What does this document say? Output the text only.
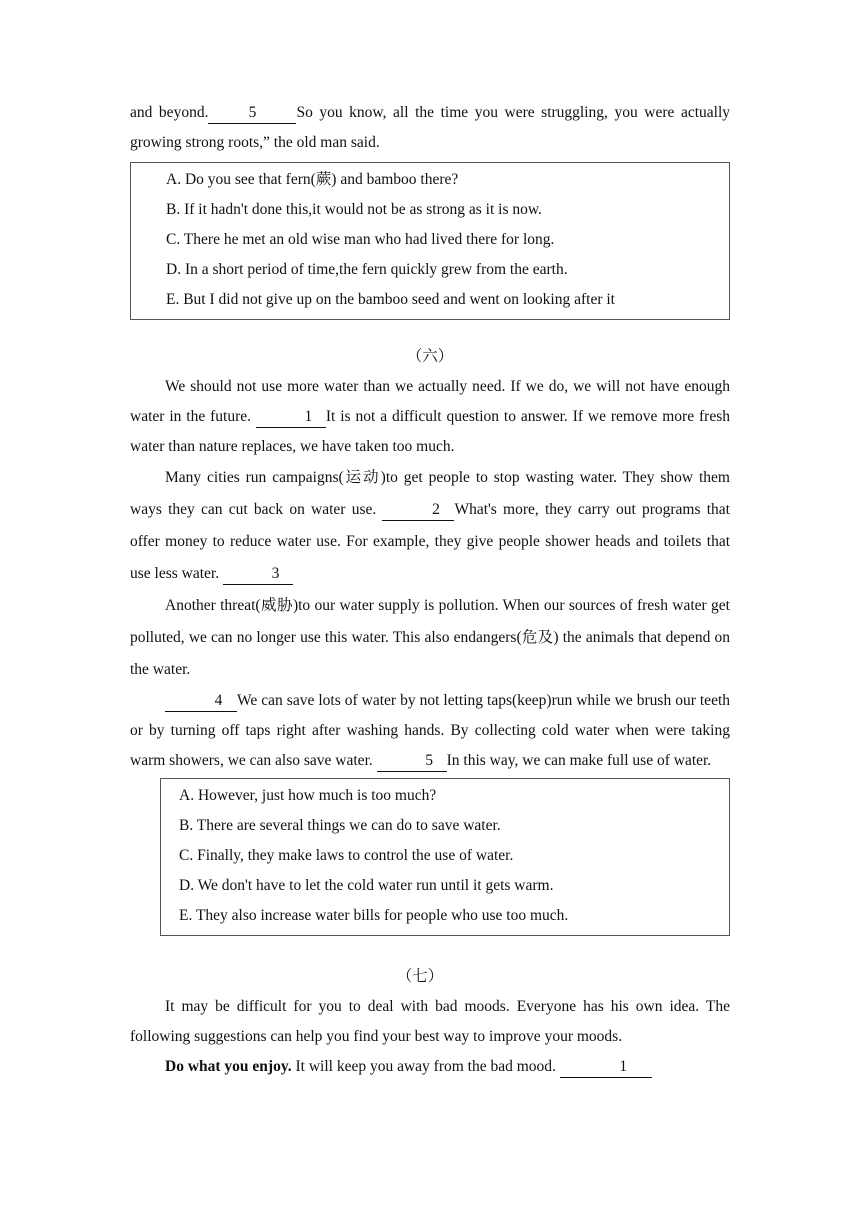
and beyond.	5	So you know, all the time you were struggling, you were actually growing strong roots,” the old man said.

A. Do you see that fern(蕨) and bamboo there?
B. If it hadn't done this,it would not be as strong as it is now.
C. There he met an old wise man who had lived there for long.
D. In a short period of time,the fern quickly grew from the earth.
E. But I did not give up on the bamboo seed and went on looking after it

（六）

We should not use more water than we actually need. If we do, we will not have enough water in the future.	1 It is not a difficult question to answer. If we remove more fresh water than nature replaces, we have taken too much.

Many cities run campaigns(运动)to get people to stop wasting water. They show them ways they can cut back on water use.	2 What's more, they carry out programs that offer money to reduce water use. For example, they give people shower heads and toilets that use less water.	3

Another threat(威胁)to our water supply is pollution. When our sources of fresh water get polluted, we can no longer use this water. This also endangers(危及) the animals that depend on the water.

4 We can save lots of water by not letting taps(keep)run while we brush our teeth or by turning off taps right after washing hands. By collecting cold water when were taking warm showers, we can also save water.	5 In this way, we can make full use of water.

A. However, just how much is too much?
B. There are several things we can do to save water.
C. Finally, they make laws to control the use of water.
D. We don't have to let the cold water run until it gets warm.
E. They also increase water bills for people who use too much.

（七）

It may be difficult for you to deal with bad moods. Everyone has his own idea. The following suggestions can help you find your best way to improve your moods.

Do what you enjoy. It will keep you away from the bad mood.	1
